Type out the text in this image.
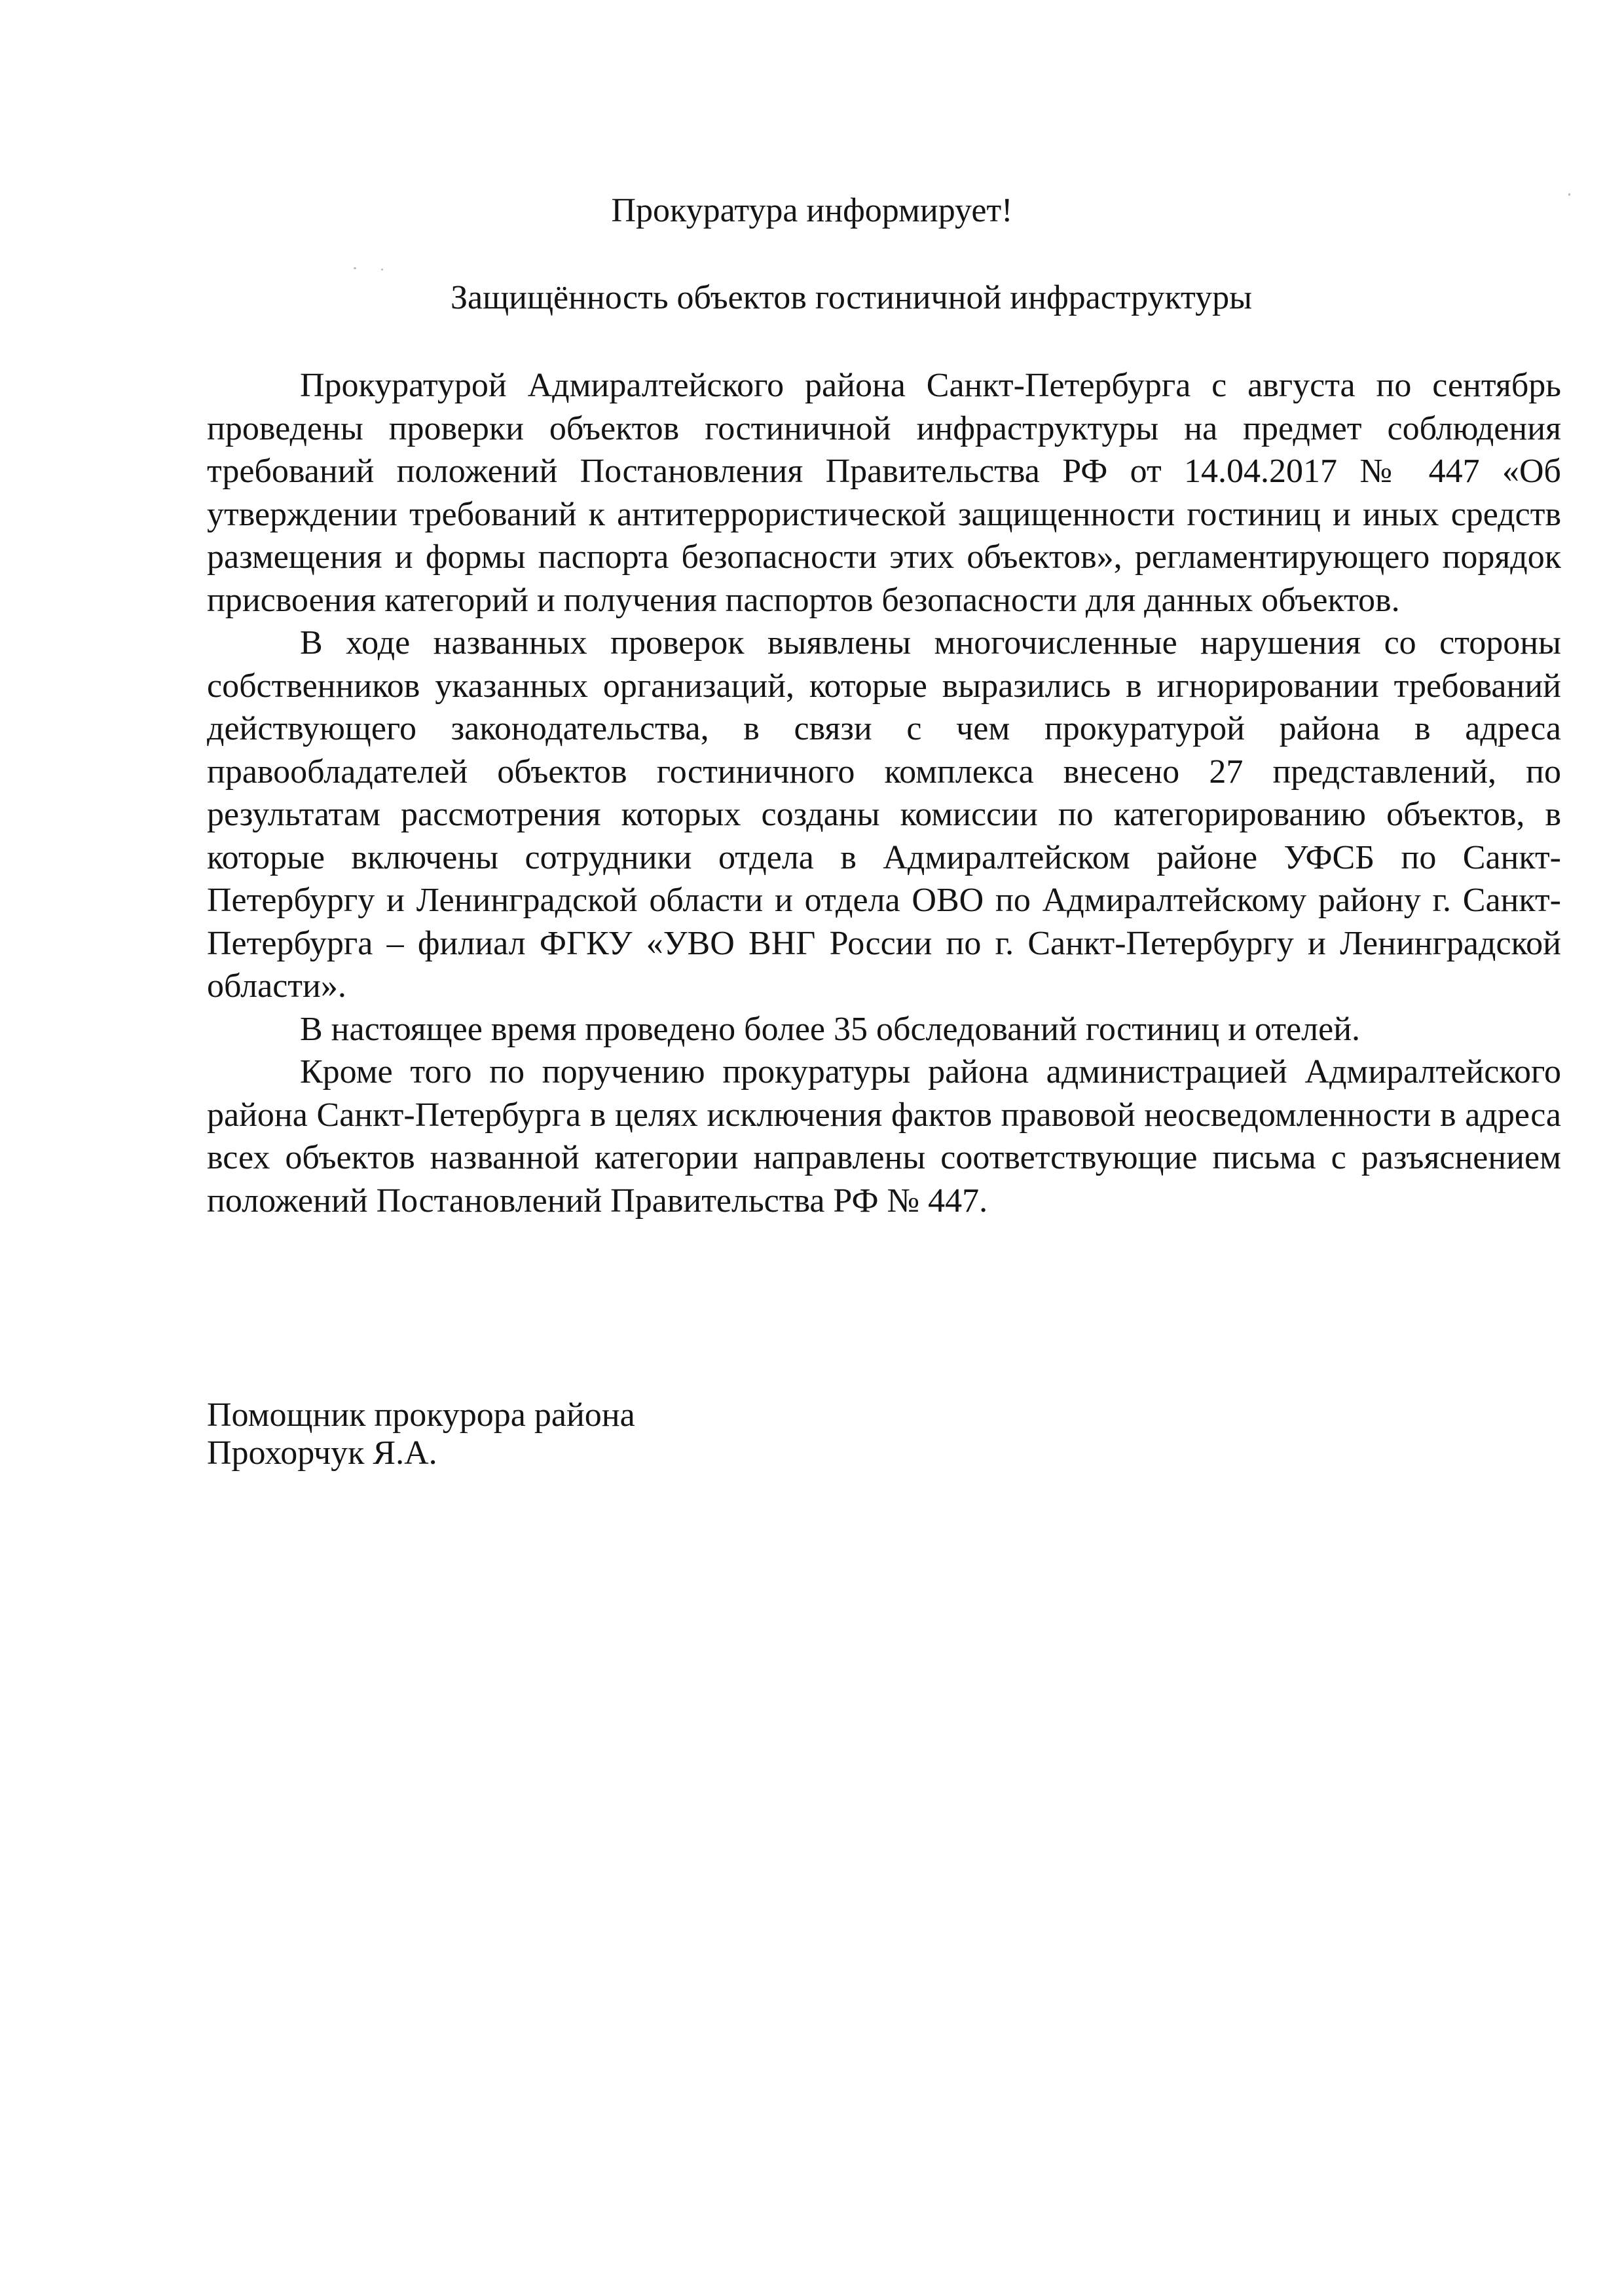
Прокуратура информирует!
Защищённость объектов гостиничной инфраструктуры

Прокуратурой Адмиралтейского района Санкт-Петербурга с августа по сентябрь проведены проверки объектов гостиничной инфраструктуры на предмет соблюдения требований положений Постановления Правительства РФ от 14.04.2017 № 447 «Об утверждении требований к антитеррористической защищенности гостиниц и иных средств размещения и формы паспорта безопасности этих объектов», регламентирующего порядок присвоения категорий и получения паспортов безопасности для данных объектов.

В ходе названных проверок выявлены многочисленные нарушения со стороны собственников указанных организаций, которые выразились в игнорировании требований действующего законодательства, в связи с чем прокуратурой района в адреса правообладателей объектов гостиничного комплекса внесено 27 представлений, по результатам рассмотрения которых созданы комиссии по категорированию объектов, в которые включены сотрудники отдела в Адмиралтейском районе УФСБ по Санкт-Петербургу и Ленинградской области и отдела ОВО по Адмиралтейскому району г. Санкт-Петербурга – филиал ФГКУ «УВО ВНГ России по г. Санкт-Петербургу и Ленинградской области».

В настоящее время проведено более 35 обследований гостиниц и отелей.

Кроме того по поручению прокуратуры района администрацией Адмиралтейского района Санкт-Петербурга в целях исключения фактов правовой неосведомленности в адреса всех объектов названной категории направлены соответствующие письма с разъяснением положений Постановлений Правительства РФ № 447.

Помощник прокурора района
Прохорчук Я.А.
